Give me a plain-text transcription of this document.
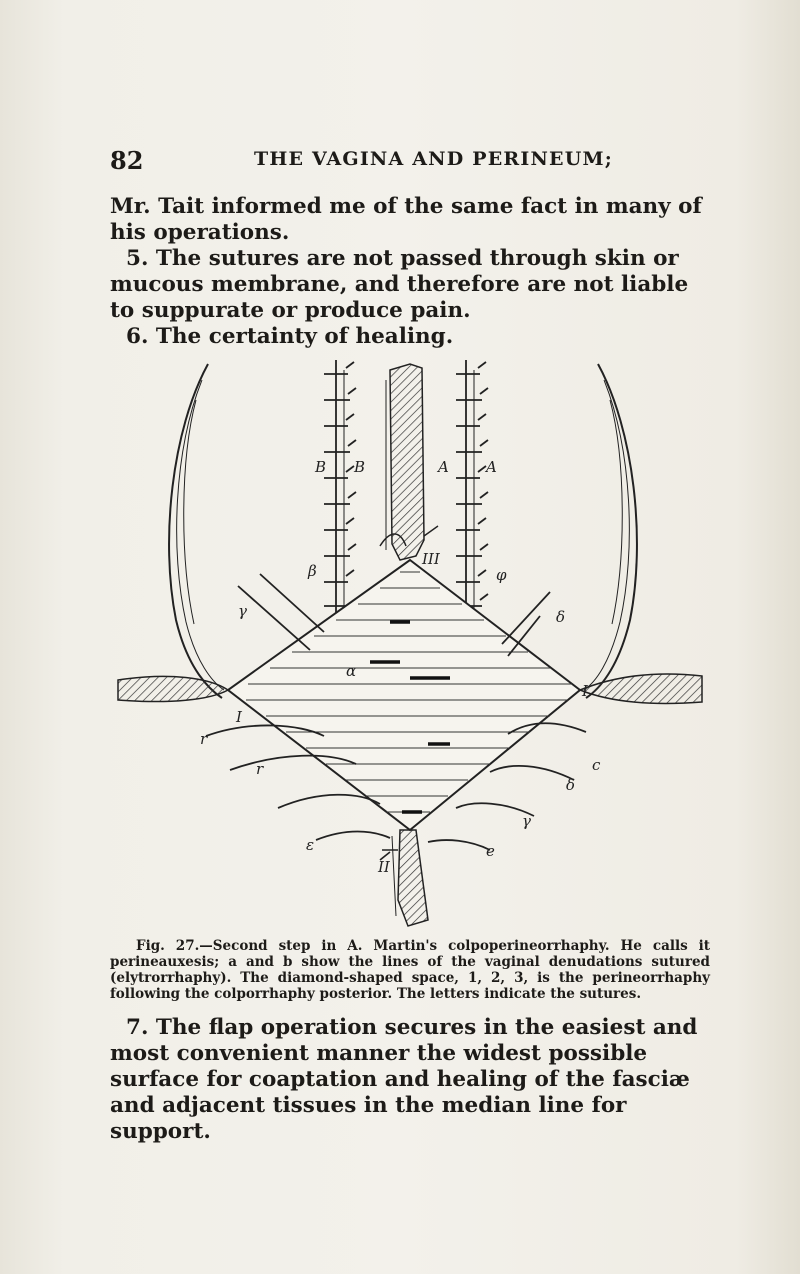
82	THE VAGINA AND PERINEUM;
Mr. Tait informed me of the same fact in many of his operations.
5. The sutures are not passed through skin or mucous membrane, and therefore are not liable to suppurate or produce pain.
6. The certainty of healing.
B B	A A
III
β
γ
φ
δ
I
I
r
r	c
δ
γ
e
ε
α
II
Fig. 27.—Second step in A. Martin's colpoperineorrhaphy. He calls it perineauxesis; a and b show the lines of the vaginal denudations sutured (elytrorrhaphy). The diamond-shaped space, 1, 2, 3, is the perineorrhaphy following the colporrhaphy posterior. The letters indicate the sutures.
7. The flap operation secures in the easiest and most convenient manner the widest possible surface for coaptation and healing of the fasciæ and adjacent tissues in the median line for support.
